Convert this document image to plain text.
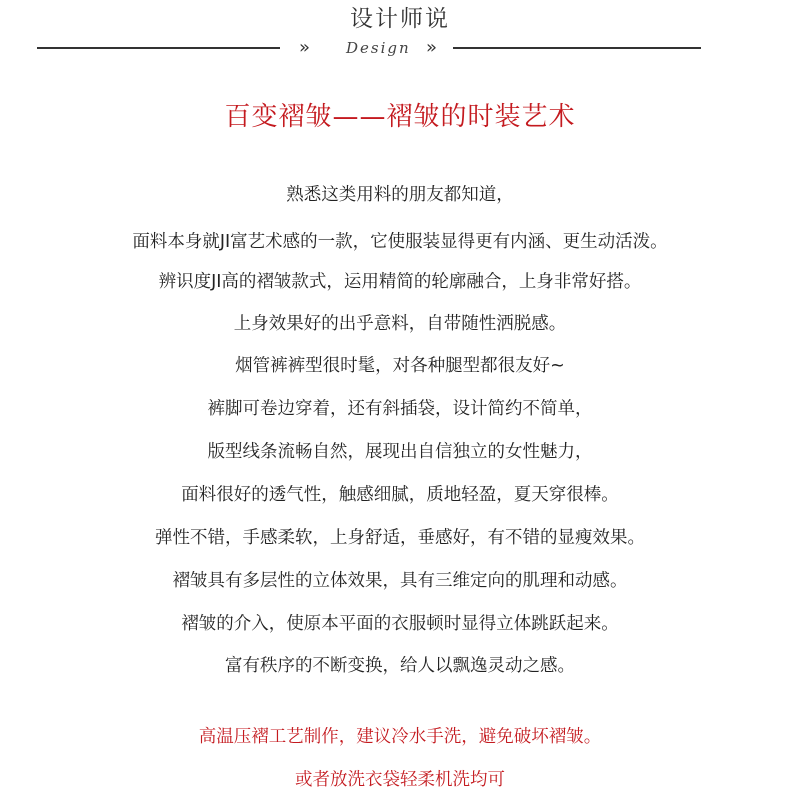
设计师说
» Design »
百变褶皱——褶皱的时装艺术
熟悉这类用料的朋友都知道，
面料本身就JI富艺术感的一款，它使服装显得更有内涵、更生动活泼。
辨识度JI高的褶皱款式，运用精简的轮廓融合，上身非常好搭。
上身效果好的出乎意料，自带随性洒脱感。
烟管裤裤型很时髦，对各种腿型都很友好~
裤脚可卷边穿着，还有斜插袋，设计简约不简单，
版型线条流畅自然，展现出自信独立的女性魅力，
面料很好的透气性，触感细腻，质地轻盈，夏天穿很棒。
弹性不错，手感柔软，上身舒适，垂感好，有不错的显瘦效果。
褶皱具有多层性的立体效果，具有三维定向的肌理和动感。
褶皱的介入，使原本平面的衣服顿时显得立体跳跃起来。
富有秩序的不断变换，给人以飘逸灵动之感。
高温压褶工艺制作，建议冷水手洗，避免破坏褶皱。
或者放洗衣袋轻柔机洗均可
